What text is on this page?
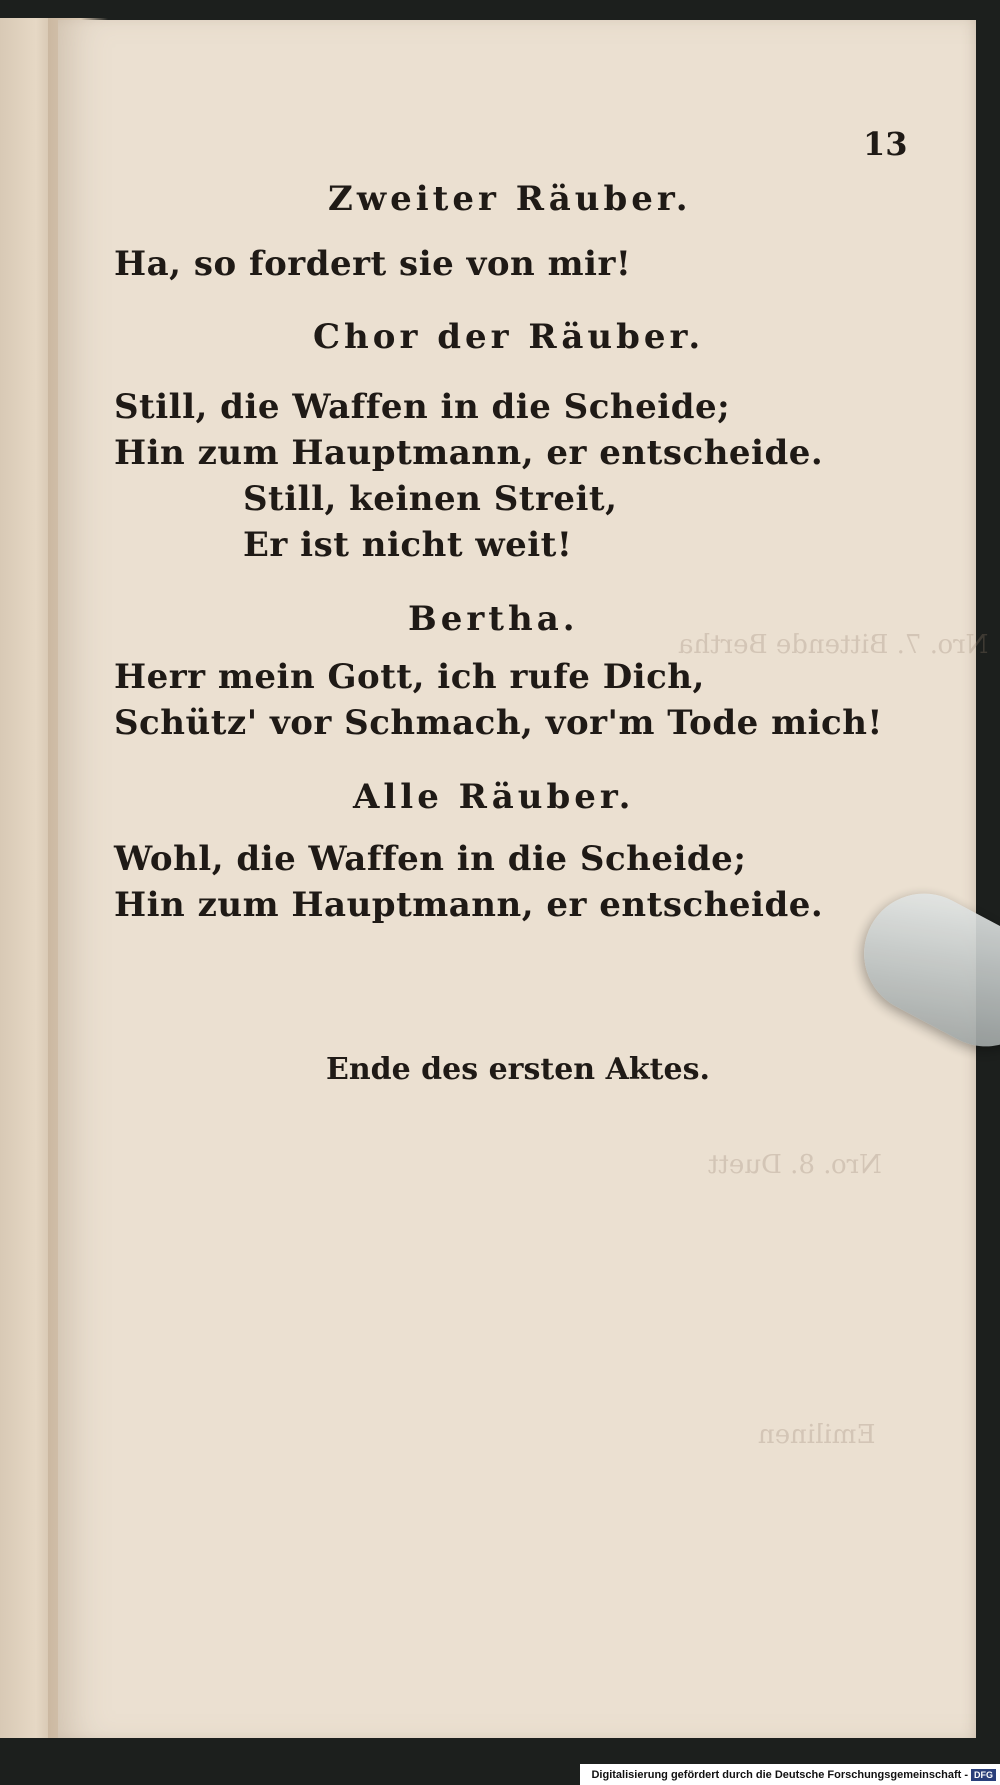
Nro. 7. Bittende Bertha
Nro. 8. Duett
Emilinen

13

Zweiter Räuber.

Ha, so fordert sie von mir!

Chor der Räuber.

Still, die Waffen in die Scheide;

Hin zum Hauptmann, er entscheide.

Still, keinen Streit,

Er ist nicht weit!

Bertha.

Herr mein Gott, ich rufe Dich,

Schütz' vor Schmach, vor'm Tode mich!

Alle Räuber.

Wohl, die Waffen in die Scheide;

Hin zum Hauptmann, er entscheide.

Ende des ersten Aktes.

Digitalisierung gefördert durch die Deutsche Forschungsgemeinschaft - DFG
